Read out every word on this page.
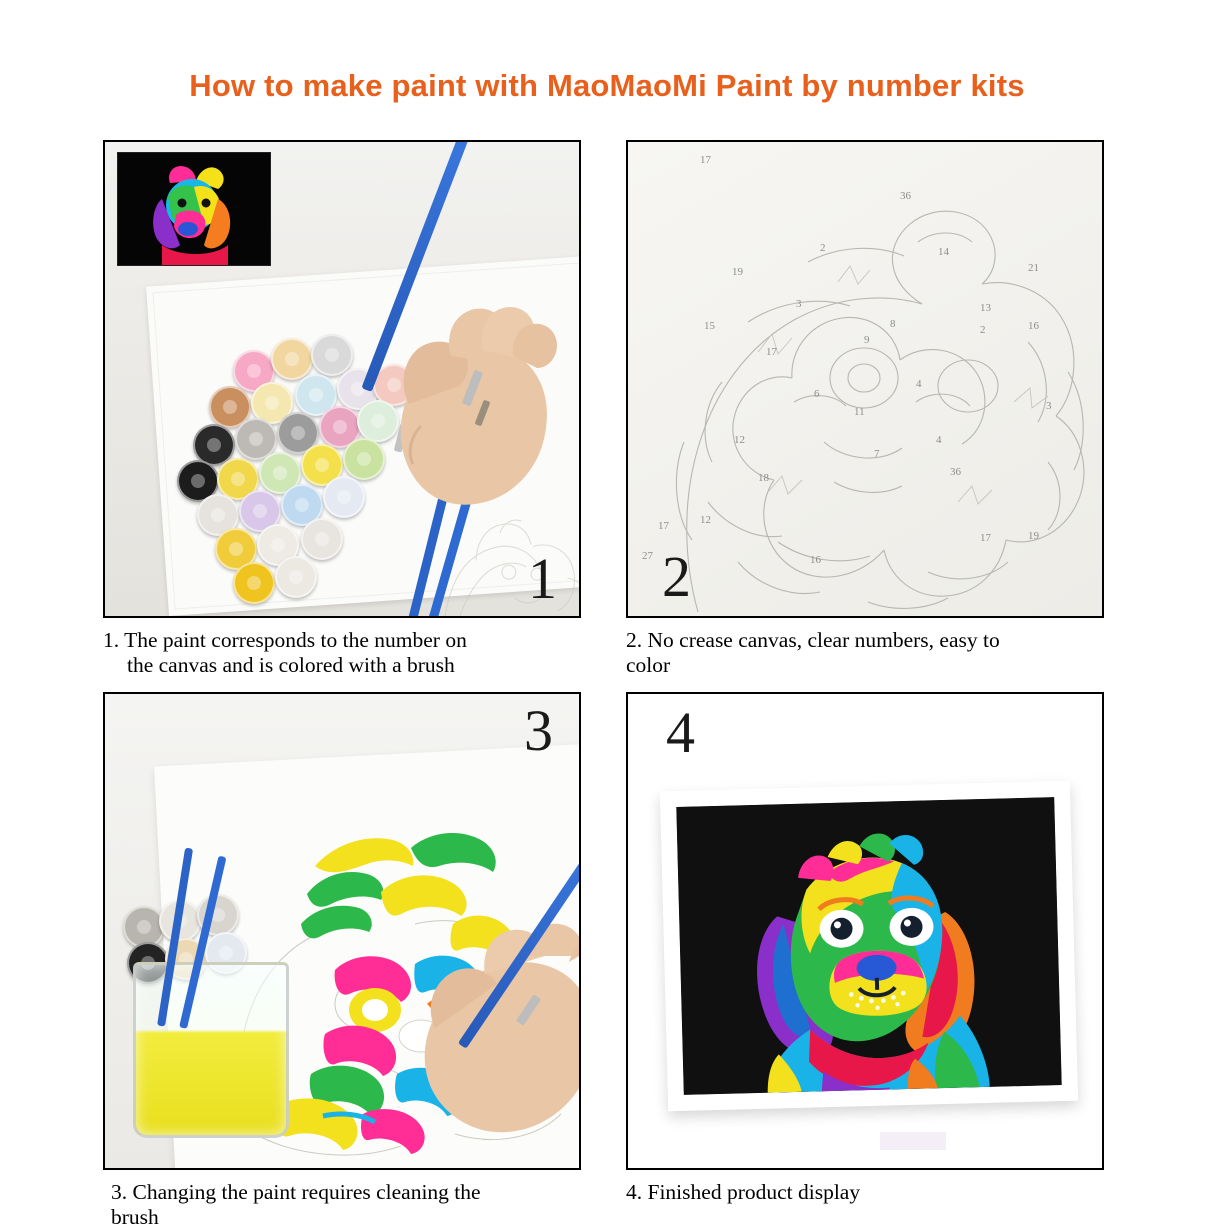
How to make paint with MaoMaoMi Paint by number kits
1
1. The paint corresponds to the number on
the canvas and is colored with a brush
17
36
2
19
14
3	13
8	2	16
15
9
4
17
11
6
4
12
36
17	12
17	19
27	16
7
3
18
21
2
2. No crease canvas, clear numbers, easy to
color
3
3. Changing the paint requires cleaning the
brush
4
4. Finished product display
